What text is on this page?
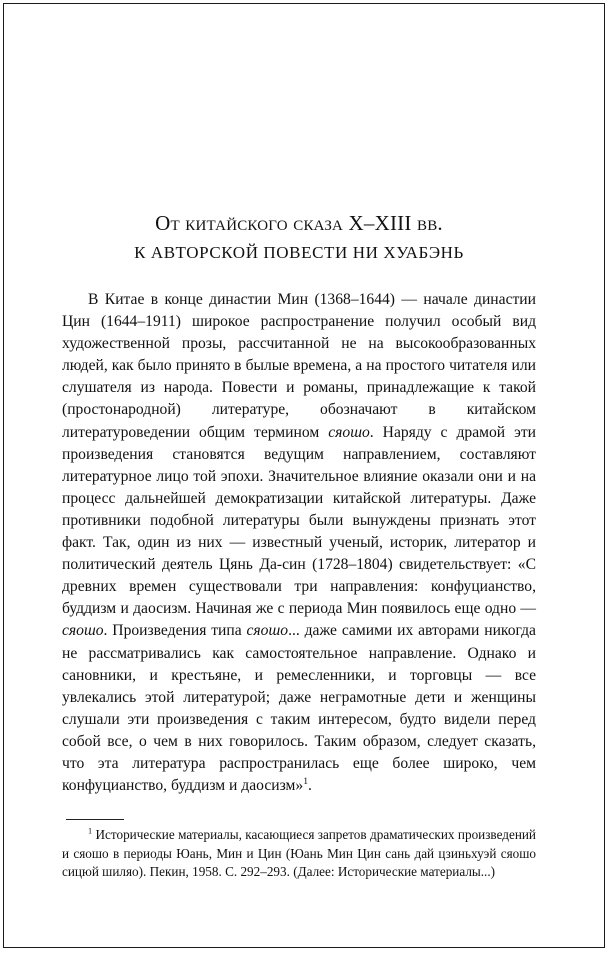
От китайского сказа X–XIII вв.
К АВТОРСКОЙ ПОВЕСТИ НИ ХУАБЭНЬ

В Китае в конце династии Мин (1368–1644) — начале династии Цин (1644–1911) широкое распространение получил особый вид художественной прозы, рассчитанной не на высокообразованных людей, как было принято в былые времена, а на простого читателя или слушателя из народа. Повести и романы, принадлежащие к такой (простонародной) литературе, обозначают в китайском литературоведении общим термином сяошо. Наряду с драмой эти произведения становятся ведущим направлением, составляют литературное лицо той эпохи. Значительное влияние оказали они и на процесс дальнейшей демократизации китайской литературы. Даже противники подобной литературы были вынуждены признать этот факт. Так, один из них — известный ученый, историк, литератор и политический деятель Цянь Да-син (1728–1804) свидетельствует: «С древних времен существовали три направления: конфуцианство, буддизм и даосизм. Начиная же с периода Мин появилось еще одно — сяошо. Произведения типа сяошо... даже самими их авторами никогда не рассматривались как самостоятельное направление. Однако и сановники, и крестьяне, и ремесленники, и торговцы — все увлекались этой литературой; даже неграмотные дети и женщины слушали эти произведения с таким интересом, будто видели перед собой все, о чем в них говорилось. Таким образом, следует сказать, что эта литература распространилась еще более широко, чем конфуцианство, буддизм и даосизм»$^1$.

$^1$ Исторические материалы, касающиеся запретов драматических произведений и сяошо в периоды Юань, Мин и Цин (Юань Мин Цин сань дай цзиньхуэй сяошо сицюй шиляо). Пекин, 1958. С. 292–293. (Далее: Исторические материалы...)
